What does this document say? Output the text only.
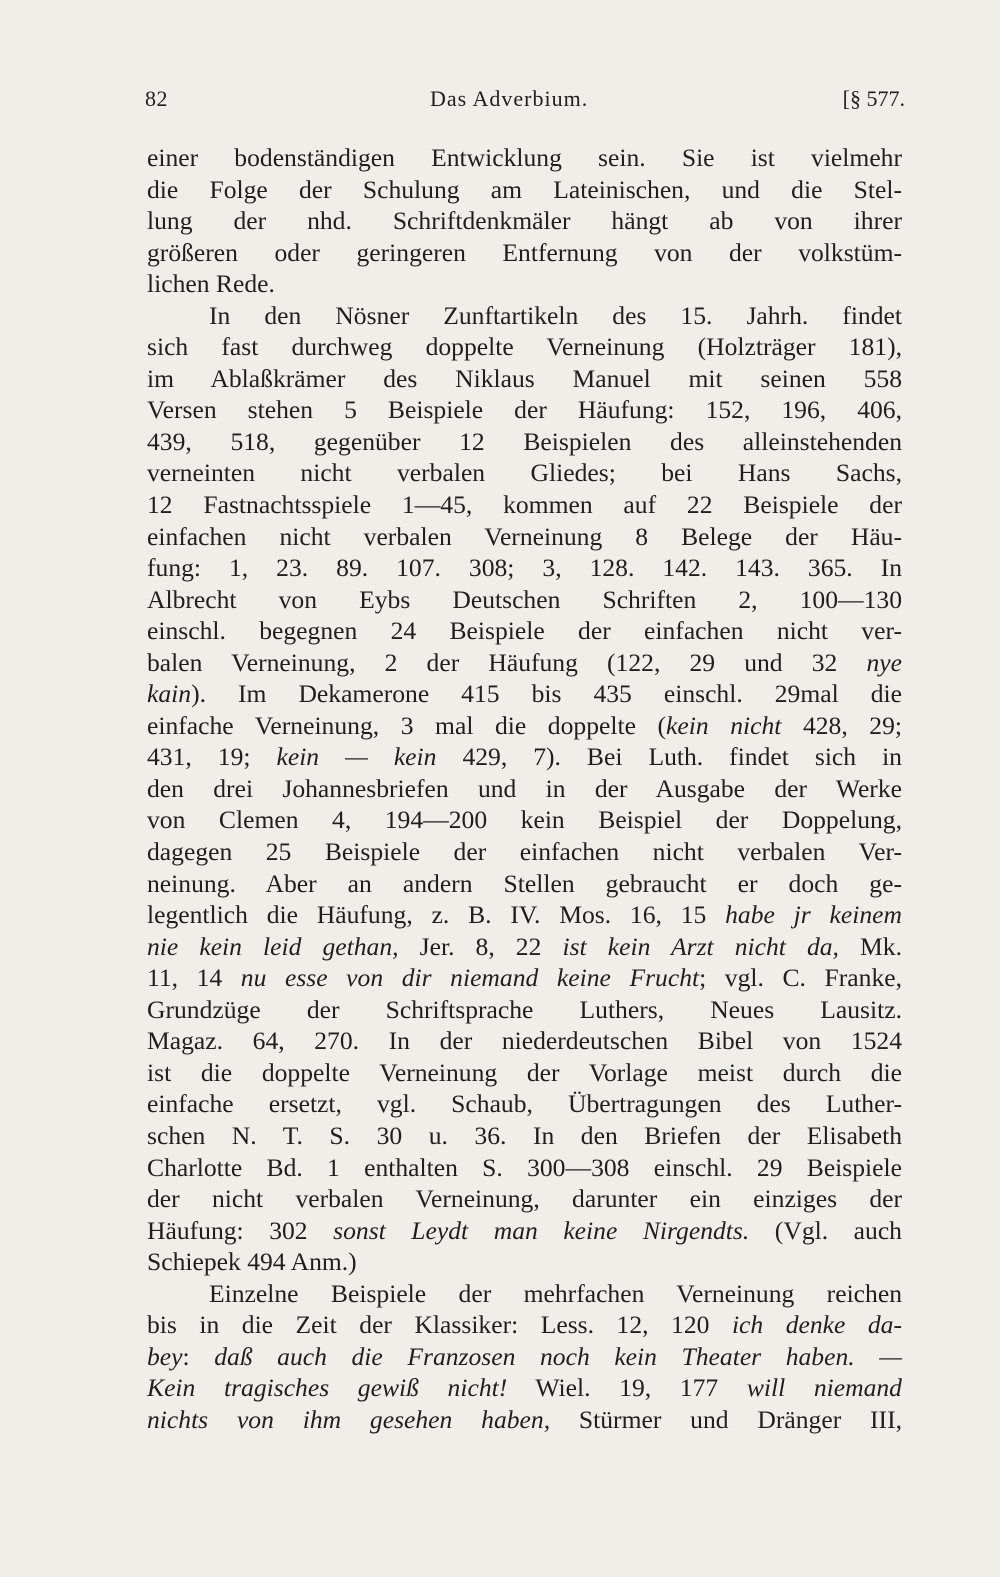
82	Das Adverbium.	[§ 577.
einer bodenständigen Entwicklung sein. Sie ist vielmehr
die Folge der Schulung am Lateinischen, und die Stel-
lung der nhd. Schriftdenkmäler hängt ab von ihrer
größeren oder geringeren Entfernung von der volkstüm-
lichen Rede.
In den Nösner Zunftartikeln des 15. Jahrh. findet
sich fast durchweg doppelte Verneinung (Holzträger 181),
im Ablaßkrämer des Niklaus Manuel mit seinen 558
Versen stehen 5 Beispiele der Häufung: 152, 196, 406,
439, 518, gegenüber 12 Beispielen des alleinstehenden
verneinten nicht verbalen Gliedes; bei Hans Sachs,
12 Fastnachtsspiele 1—45, kommen auf 22 Beispiele der
einfachen nicht verbalen Verneinung 8 Belege der Häu-
fung: 1, 23. 89. 107. 308; 3, 128. 142. 143. 365. In
Albrecht von Eybs Deutschen Schriften 2, 100—130
einschl. begegnen 24 Beispiele der einfachen nicht ver-
balen Verneinung, 2 der Häufung (122, 29 und 32 nye
kain). Im Dekamerone 415 bis 435 einschl. 29mal die
einfache Verneinung, 3 mal die doppelte (kein nicht 428, 29;
431, 19; kein — kein 429, 7). Bei Luth. findet sich in
den drei Johannesbriefen und in der Ausgabe der Werke
von Clemen 4, 194—200 kein Beispiel der Doppelung,
dagegen 25 Beispiele der einfachen nicht verbalen Ver-
neinung. Aber an andern Stellen gebraucht er doch ge-
legentlich die Häufung, z. B. IV. Mos. 16, 15 habe jr keinem
nie kein leid gethan, Jer. 8, 22 ist kein Arzt nicht da, Mk.
11, 14 nu esse von dir niemand keine Frucht; vgl. C. Franke,
Grundzüge der Schriftsprache Luthers, Neues Lausitz.
Magaz. 64, 270. In der niederdeutschen Bibel von 1524
ist die doppelte Verneinung der Vorlage meist durch die
einfache ersetzt, vgl. Schaub, Übertragungen des Luther-
schen N. T. S. 30 u. 36. In den Briefen der Elisabeth
Charlotte Bd. 1 enthalten S. 300—308 einschl. 29 Beispiele
der nicht verbalen Verneinung, darunter ein einziges der
Häufung: 302 sonst Leydt man keine Nirgendts. (Vgl. auch
Schiepek 494 Anm.)
Einzelne Beispiele der mehrfachen Verneinung reichen
bis in die Zeit der Klassiker: Less. 12, 120 ich denke da-
bey: daß auch die Franzosen noch kein Theater haben. —
Kein tragisches gewiß nicht! Wiel. 19, 177 will niemand
nichts von ihm gesehen haben, Stürmer und Dränger III,
